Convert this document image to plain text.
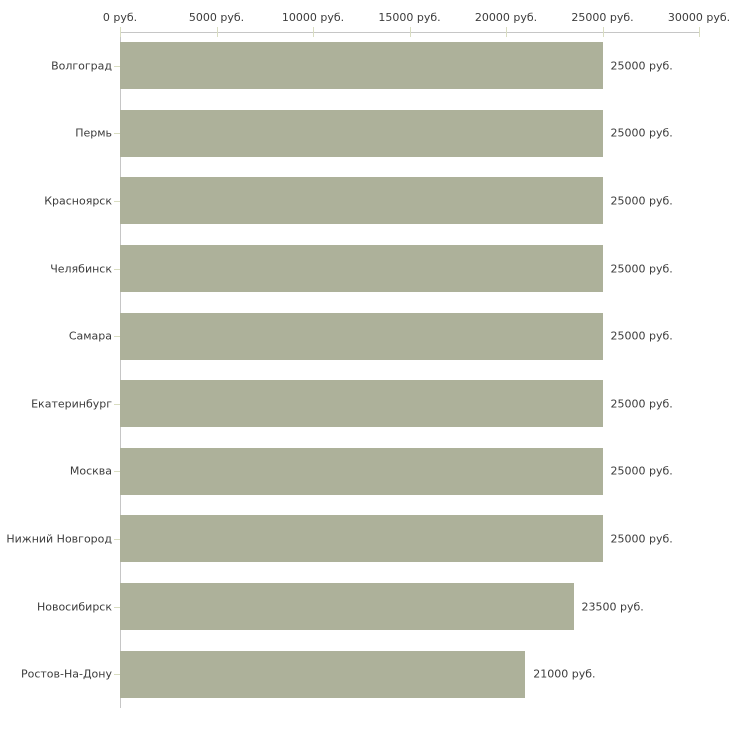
0 руб.	5000 руб.	10000 руб.	15000 руб.	20000 руб.	25000 руб.	30000 руб.
Волгоград	25000 руб.
Пермь	25000 руб.
Красноярск	25000 руб.
Челябинск	25000 руб.
Самара	25000 руб.
Екатеринбург	25000 руб.
Москва	25000 руб.
Нижний Новгород	25000 руб.
Новосибирск	23500 руб.
Ростов-На-Дону	21000 руб.
